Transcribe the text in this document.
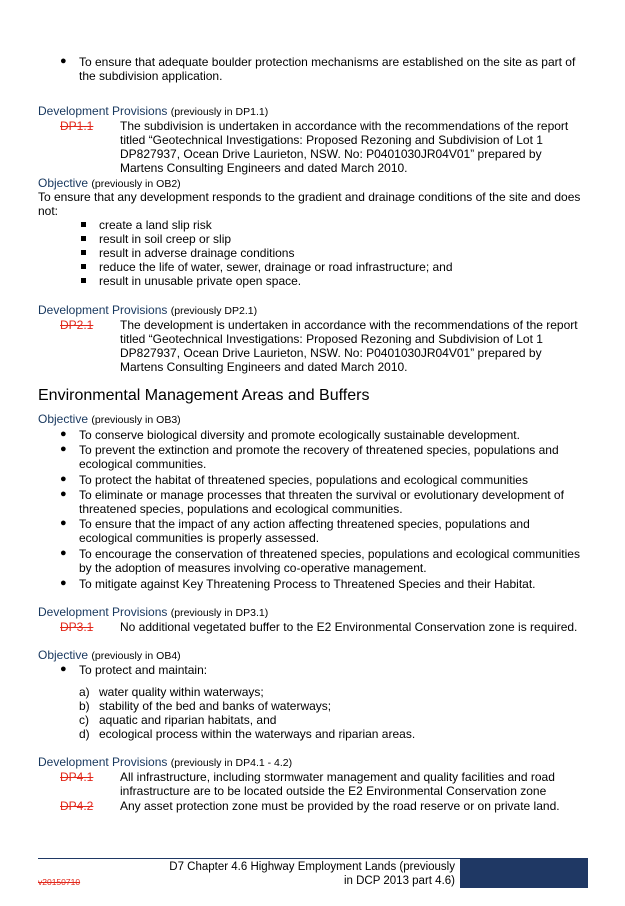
● To ensure that adequate boulder protection mechanisms are established on the site as part of
the subdivision application.
Development Provisions (previously in DP1.1)
DP1.1 The subdivision is undertaken in accordance with the recommendations of the report
titled “Geotechnical Investigations: Proposed Rezoning and Subdivision of Lot 1
DP827937, Ocean Drive Laurieton, NSW. No: P0401030JR04V01” prepared by
Martens Consulting Engineers and dated March 2010.
Objective (previously in OB2)
To ensure that any development responds to the gradient and drainage conditions of the site and does
not:
create a land slip risk
result in soil creep or slip
result in adverse drainage conditions
reduce the life of water, sewer, drainage or road infrastructure; and
result in unusable private open space.
Development Provisions (previously DP2.1)
DP2.1 The development is undertaken in accordance with the recommendations of the report
titled “Geotechnical Investigations: Proposed Rezoning and Subdivision of Lot 1
DP827937, Ocean Drive Laurieton, NSW. No: P0401030JR04V01” prepared by
Martens Consulting Engineers and dated March 2010.
Environmental Management Areas and Buffers
Objective (previously in OB3)
● To conserve biological diversity and promote ecologically sustainable development.
● To prevent the extinction and promote the recovery of threatened species, populations and
ecological communities.
● To protect the habitat of threatened species, populations and ecological communities
● To eliminate or manage processes that threaten the survival or evolutionary development of
threatened species, populations and ecological communities.
● To ensure that the impact of any action affecting threatened species, populations and
ecological communities is properly assessed.
● To encourage the conservation of threatened species, populations and ecological communities
by the adoption of measures involving co-operative management.
● To mitigate against Key Threatening Process to Threatened Species and their Habitat.
Development Provisions (previously in DP3.1)
DP3.1 No additional vegetated buffer to the E2 Environmental Conservation zone is required.
Objective (previously in OB4)
● To protect and maintain:
a) water quality within waterways;
b) stability of the bed and banks of waterways;
c) aquatic and riparian habitats, and
d) ecological process within the waterways and riparian areas.
Development Provisions (previously in DP4.1 - 4.2)
DP4.1 All infrastructure, including stormwater management and quality facilities and road
infrastructure are to be located outside the E2 Environmental Conservation zone
DP4.2 Any asset protection zone must be provided by the road reserve or on private land.
D7 Chapter 4.6 Highway Employment Lands (previously
in DCP 2013 part 4.6)
v20150710
